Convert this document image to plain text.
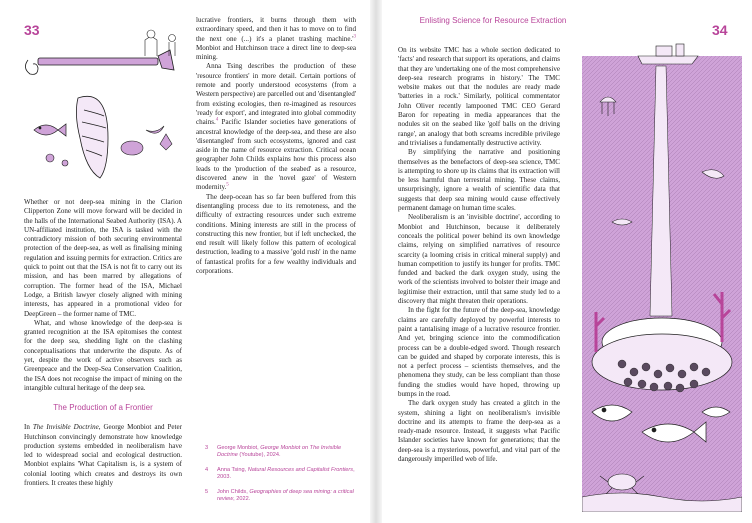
33

Whether or not deep-sea mining in the Clarion Clipperton Zone will move forward will be decided in the halls of the International Seabed Authority (ISA). A UN-affiliated institution, the ISA is tasked with the contradictory mission of both securing environmental protection of the deep-sea, as well as finalising mining regulation and issuing permits for extraction. Critics are quick to point out that the ISA is not fit to carry out its mission, and has been marred by allegations of corruption. The former head of the ISA, Michael Lodge, a British lawyer closely aligned with mining interests, has appeared in a promotional video for DeepGreen – the former name of TMC.

What, and whose knowledge of the deep-sea is granted recognition at the ISA epitomises the contest for the deep sea, shedding light on the clashing conceptualisations that underwrite the dispute. As of yet, despite the work of active observers such as Greenpeace and the Deep-Sea Conservation Coalition, the ISA does not recognise the impact of mining on the intangible cultural heritage of the deep sea.

The Production of a Frontier

In The Invisible Doctrine, George Monbiot and Peter Hutchinson convincingly demonstrate how knowledge production systems embedded in neoliberalism have led to widespread social and ecological destruction. Monbiot explains 'What Capitalism is, is a system of colonial looting which creates and destroys its own frontiers. It creates these highly

lucrative frontiers, it burns through them with extraordinary speed, and then it has to move on to find the next one (...) it's a planet trashing $machine.'^3$ Monbiot and Hutchinson trace a direct line to deep-sea mining.

Anna Tsing describes the production of these 'resource frontiers' in more detail. Certain portions of remote and poorly understood ecosystems (from a Western perspective) are parcelled out and 'disentangled' from existing ecologies, then re-imagined as resources 'ready for export', and integrated into global commodity chains.$^4$ Pacific Islander societies have generations of ancestral knowledge of the deep-sea, and these are also 'disentangled' from such ecosystems, ignored and cast aside in the name of resource extraction. Critical ocean geographer John Childs explains how this process also leads to the 'production of the seabed' as a resource, discovered anew in the 'novel gaze' of Western modernity.$^5$

The deep-ocean has so far been buffered from this disentangling process due to its remoteness, and the difficulty of extracting resources under such extreme conditions. Mining interests are still in the process of constructing this new frontier, but if left unchecked, the end result will likely follow this pattern of ecological destruction, leading to a massive 'gold rush' in the name of fantastical profits for a few wealthy individuals and corporations.

3 George Monbiot, George Monbiot on The Invisible Doctrine (Youtube), 2024.
4 Anna Tsing, Natural Resources and Capitalist Frontiers, 2003.
5 John Childs, Geographies of deep sea mining: a critical review, 2022.
34

On its website TMC has a whole section dedicated to 'facts' and research that support its operations, and claims that they are 'undertaking one of the most comprehensive deep-sea research programs in history.' The TMC website makes out that the nodules are ready made 'batteries in a rock.' Similarly, political commentator John Oliver recently lampooned TMC CEO Gerard Baron for repeating in media appearances that the nodules sit on the seabed like 'golf balls on the driving range', an analogy that both screams incredible privilege and trivialises a fundamentally destructive activity.

By simplifying the narrative and positioning themselves as the benefactors of deep-sea science, TMC is attempting to shore up its claims that its extraction will be less harmful than terrestrial mining. These claims, unsurprisingly, ignore a wealth of scientific data that suggests that deep sea mining would cause effectively permanent damage on human time scales.

Neoliberalism is an 'invisible doctrine', according to Monbiot and Hutchinson, because it deliberately conceals the political power behind its own knowledge claims, relying on simplified narratives of resource scarcity (a looming crisis in critical mineral supply) and human competition to justify its hunger for profits. TMC funded and backed the dark oxygen study, using the work of the scientists involved to bolster their image and legitimise their extraction, until that same study led to a discovery that might threaten their operations.

In the fight for the future of the deep-sea, knowledge claims are carefully deployed by powerful interests to paint a tantalising image of a lucrative resource frontier. And yet, bringing science into the commodification process can be a double-edged sword. Though research can be guided and shaped by corporate interests, this is not a perfect process – scientists themselves, and the phenomena they study, can be less compliant than those funding the studies would have hoped, throwing up bumps in the road.

The dark oxygen study has created a glitch in the system, shining a light on neoliberalism's invisible doctrine and its attempts to frame the deep-sea as a ready-made resource. Instead, it suggests what Pacific Islander societies have known for generations; that the deep-sea is a mysterious, powerful, and vital part of the dangerously imperilled web of life.

Enlisting Science for Resource Extraction
